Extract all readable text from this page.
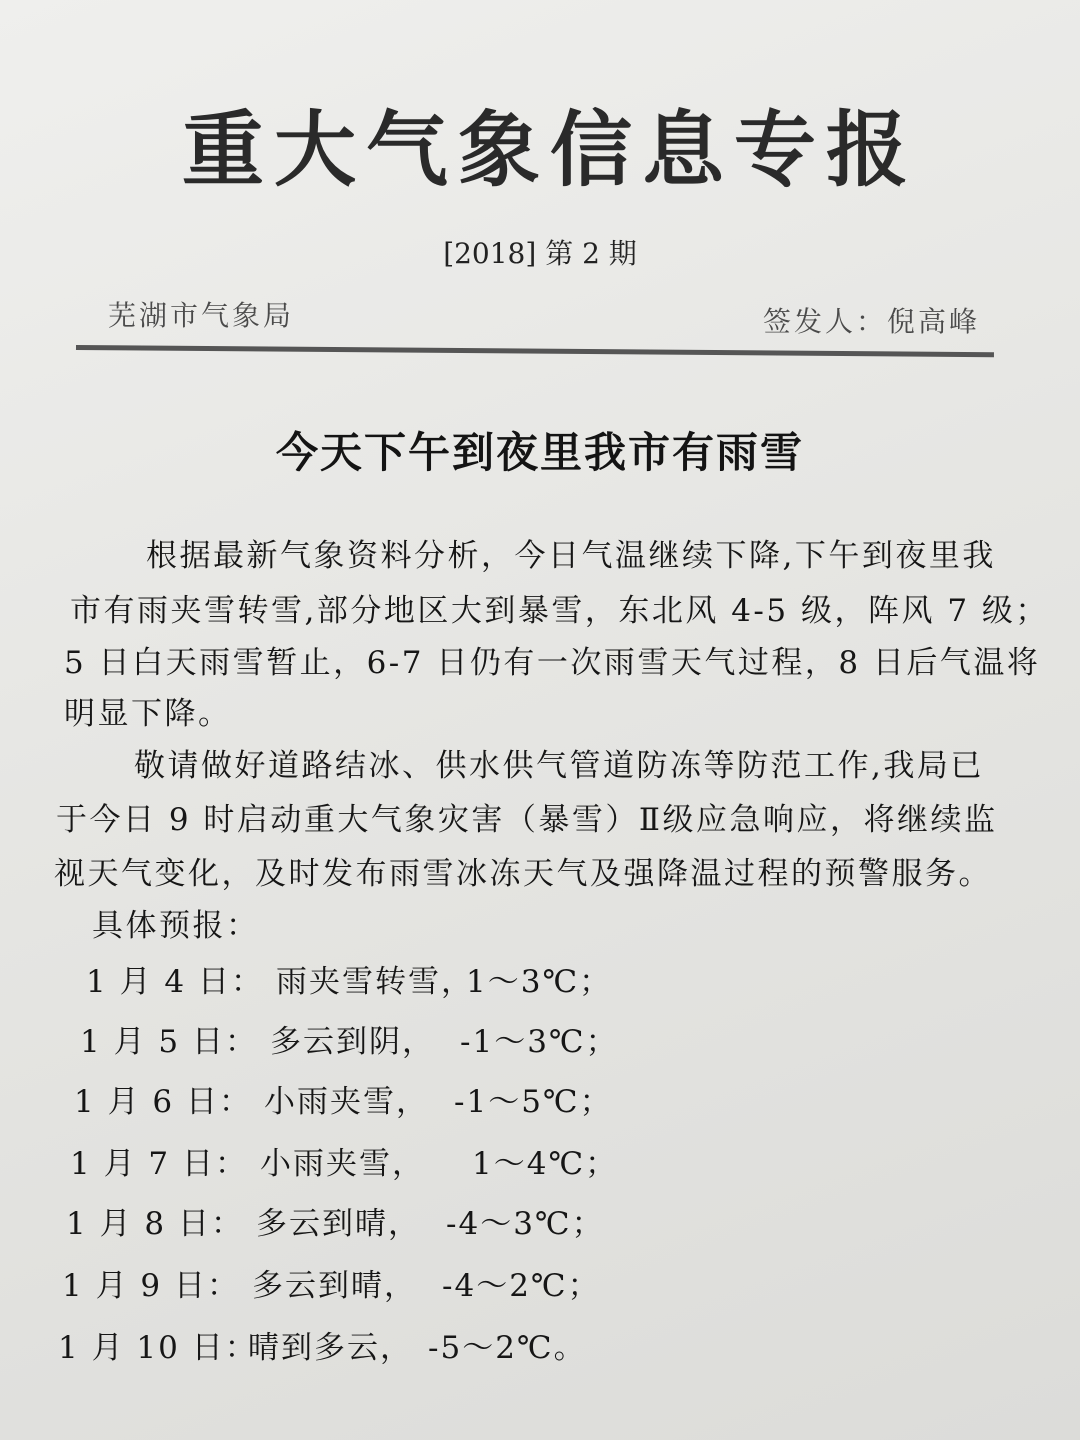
重大气象信息专报
[2018] 第 2 期
芜湖市气象局	签发人：倪高峰
今天下午到夜里我市有雨雪
根据最新气象资料分析，今日气温继续下降,下午到夜里我
市有雨夹雪转雪,部分地区大到暴雪，东北风 4-5 级，阵风 7 级；
5 日白天雨雪暂止，6-7 日仍有一次雨雪天气过程，8 日后气温将
明显下降。
敬请做好道路结冰、供水供气管道防冻等防范工作,我局已
于今日 9 时启动重大气象灾害（暴雪）Ⅱ级应急响应，将继续监
视天气变化，及时发布雨雪冰冻天气及强降温过程的预警服务。
具体预报：
1 月 4 日： 雨夹雪转雪，1～3℃；
1 月 5 日： 多云到阴， -1～3℃；
1 月 6 日： 小雨夹雪， -1～5℃；
1 月 7 日： 小雨夹雪， 1～4℃；
1 月 8 日： 多云到晴， -4～3℃；
1 月 9 日： 多云到晴， -4～2℃；
1 月 10 日：晴到多云， -5～2℃。
